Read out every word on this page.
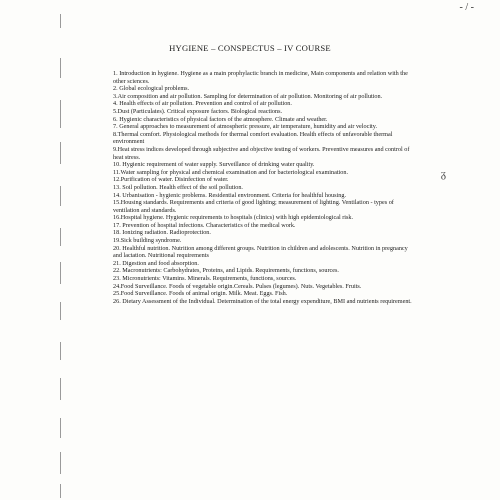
- / -
HYGIENE – CONSPECTUS – IV COURSE

1. Introduction in hygiene. Hygiene as a main prophylactic branch in medicine, Main components and relation with the other sciences.

2. Global ecological problems.

3.Air composition and air pollution. Sampling for determination of air pollution. Monitoring of air pollution.

4. Health effects of air pollution. Prevention and control of air pollution.

5.Dust (Particulates). Critical exposure factors. Biological reactions.

6. Hygienic characteristics of physical factors of the atmosphere. Climate and weather.

7. General approaches to measurement of atmospheric pressure, air temperature, humidity and air velocity.

8.Thermal comfort. Physiological methods for thermal comfort evaluation. Health effects of unfavorable thermal environment

9.Heat stress indices developed through subjective and objective testing of workers. Preventive measures and control of heat stress.

10. Hygienic requirement of water supply. Surveillance of drinking water quality.

11.Water sampling for physical and chemical examination and for bacteriological examination.

12.Purification of water. Disinfection of water.

13. Soil pollution. Health effect of the soil pollution.

14. Urbanisation - hygienic problems. Residential environment. Criteria for healthful housing.

15.Housing standards. Requirements and criteria of good lighting; measurement of lighting. Ventilation - types of ventilation and standards.

16.Hospital hygiene. Hygienic requirements to hospitals (clinics) with high epidemiological risk.

17. Prevention of hospital infections. Characteristics of the medical work.

18. Ionizing radiation. Radioprotection.

19.Sick building syndrome.

20. Healthful nutrition. Nutrition among different groups. Nutrition in children and adolescents. Nutrition in pregnancy and lactation. Nutritional requirements

21. Digestion and food absorption.

22. Macronutrients: Carbohydrates, Proteins, and Lipids. Requirements, functions, sources.

23. Micronutrients: Vitamins. Minerals. Requirements, functions, sources.

24.Food Surveillance. Foods of vegetable origin.Cereals. Pulses (legumes). Nuts. Vegetables. Fruits.

25.Food Surveillance. Foods of animal origin. Milk. Meat. Eggs. Fish.

26. Dietary Assessment of the Individual. Determination of the total energy expenditure, BMI and nutrients requirement.

ᵹ
